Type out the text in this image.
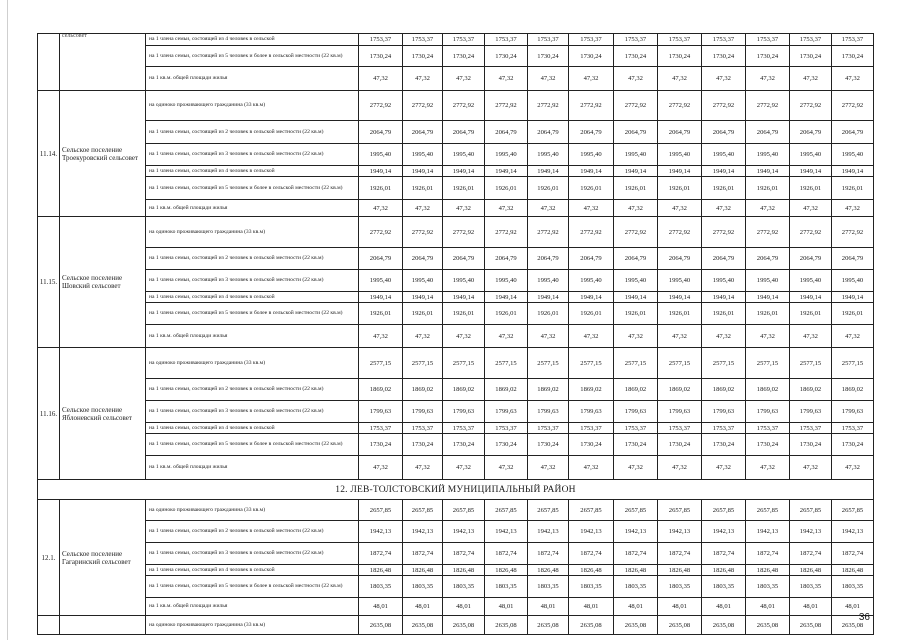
	сельсовет	на 1 члена семьи, состоящей из 4 человек в сельской	1753,37	1753,37	1753,37	1753,37	1753,37	1753,37	1753,37	1753,37	1753,37	1753,37	1753,37	1753,37
		на 1 члена семьи, состоящей из 5 человек и более в сельской местности (22 кв.м)	1730,24	1730,24	1730,24	1730,24	1730,24	1730,24	1730,24	1730,24	1730,24	1730,24	1730,24	1730,24
		на 1 кв.м. общей площади жилья	47,32	47,32	47,32	47,32	47,32	47,32	47,32	47,32	47,32	47,32	47,32	47,32
11.14.	Сельское поселение Троекуровский сельсовет	на одиноко проживающего гражданина (33 кв.м)	2772,92	2772,92	2772,92	2772,92	2772,92	2772,92	2772,92	2772,92	2772,92	2772,92	2772,92	2772,92
		на 1 члена семьи, состоящей из 2 человек в сельской местности (22 кв.м)	2064,79	2064,79	2064,79	2064,79	2064,79	2064,79	2064,79	2064,79	2064,79	2064,79	2064,79	2064,79
		на 1 члена семьи, состоящей из 3 человек в сельской местности (22 кв.м)	1995,40	1995,40	1995,40	1995,40	1995,40	1995,40	1995,40	1995,40	1995,40	1995,40	1995,40	1995,40
		на 1 члена семьи, состоящей из 4 человек в сельской	1949,14	1949,14	1949,14	1949,14	1949,14	1949,14	1949,14	1949,14	1949,14	1949,14	1949,14	1949,14
		на 1 члена семьи, состоящей из 5 человек и более в сельской местности (22 кв.м)	1926,01	1926,01	1926,01	1926,01	1926,01	1926,01	1926,01	1926,01	1926,01	1926,01	1926,01	1926,01
		на 1 кв.м. общей площади жилья	47,32	47,32	47,32	47,32	47,32	47,32	47,32	47,32	47,32	47,32	47,32	47,32
11.15.	Сельское поселение Шовский сельсовет	на одиноко проживающего гражданина (33 кв.м)	2772,92	2772,92	2772,92	2772,92	2772,92	2772,92	2772,92	2772,92	2772,92	2772,92	2772,92	2772,92
		на 1 члена семьи, состоящей из 2 человек в сельской местности (22 кв.м)	2064,79	2064,79	2064,79	2064,79	2064,79	2064,79	2064,79	2064,79	2064,79	2064,79	2064,79	2064,79
		на 1 члена семьи, состоящей из 3 человек в сельской местности (22 кв.м)	1995,40	1995,40	1995,40	1995,40	1995,40	1995,40	1995,40	1995,40	1995,40	1995,40	1995,40	1995,40
		на 1 члена семьи, состоящей из 4 человек в сельской	1949,14	1949,14	1949,14	1949,14	1949,14	1949,14	1949,14	1949,14	1949,14	1949,14	1949,14	1949,14
		на 1 члена семьи, состоящей из 5 человек и более в сельской местности (22 кв.м)	1926,01	1926,01	1926,01	1926,01	1926,01	1926,01	1926,01	1926,01	1926,01	1926,01	1926,01	1926,01
		на 1 кв.м. общей площади жилья	47,32	47,32	47,32	47,32	47,32	47,32	47,32	47,32	47,32	47,32	47,32	47,32
11.16.	Сельское поселение Яблоневский сельсовет	на одиноко проживающего гражданина (33 кв.м)	2577,15	2577,15	2577,15	2577,15	2577,15	2577,15	2577,15	2577,15	2577,15	2577,15	2577,15	2577,15
		на 1 члена семьи, состоящей из 2 человек в сельской местности (22 кв.м)	1869,02	1869,02	1869,02	1869,02	1869,02	1869,02	1869,02	1869,02	1869,02	1869,02	1869,02	1869,02
		на 1 члена семьи, состоящей из 3 человек в сельской местности (22 кв.м)	1799,63	1799,63	1799,63	1799,63	1799,63	1799,63	1799,63	1799,63	1799,63	1799,63	1799,63	1799,63
		на 1 члена семьи, состоящей из 4 человек в сельской	1753,37	1753,37	1753,37	1753,37	1753,37	1753,37	1753,37	1753,37	1753,37	1753,37	1753,37	1753,37
		на 1 члена семьи, состоящей из 5 человек и более в сельской местности (22 кв.м)	1730,24	1730,24	1730,24	1730,24	1730,24	1730,24	1730,24	1730,24	1730,24	1730,24	1730,24	1730,24
		на 1 кв.м. общей площади жилья	47,32	47,32	47,32	47,32	47,32	47,32	47,32	47,32	47,32	47,32	47,32	47,32
12. ЛЕВ-ТОЛСТОВСКИЙ МУНИЦИПАЛЬНЫЙ РАЙОН														
12.1.	Сельское поселение Гагаринский сельсовет	на одиноко проживающего гражданина (33 кв.м)	2657,85	2657,85	2657,85	2657,85	2657,85	2657,85	2657,85	2657,85	2657,85	2657,85	2657,85	2657,85
		на 1 члена семьи, состоящей из 2 человек в сельской местности (22 кв.м)	1942,13	1942,13	1942,13	1942,13	1942,13	1942,13	1942,13	1942,13	1942,13	1942,13	1942,13	1942,13
		на 1 члена семьи, состоящей из 3 человек в сельской местности (22 кв.м)	1872,74	1872,74	1872,74	1872,74	1872,74	1872,74	1872,74	1872,74	1872,74	1872,74	1872,74	1872,74
		на 1 члена семьи, состоящей из 4 человек в сельской	1826,48	1826,48	1826,48	1826,48	1826,48	1826,48	1826,48	1826,48	1826,48	1826,48	1826,48	1826,48
		на 1 члена семьи, состоящей из 5 человек и более в сельской местности (22 кв.м)	1803,35	1803,35	1803,35	1803,35	1803,35	1803,35	1803,35	1803,35	1803,35	1803,35	1803,35	1803,35
		на 1 кв.м. общей площади жилья	48,01	48,01	48,01	48,01	48,01	48,01	48,01	48,01	48,01	48,01	48,01	48,01
		на одиноко проживающего гражданина (33 кв.м)	2635,08	2635,08	2635,08	2635,08	2635,08	2635,08	2635,08	2635,08	2635,08	2635,08	2635,08	2635,08
36
